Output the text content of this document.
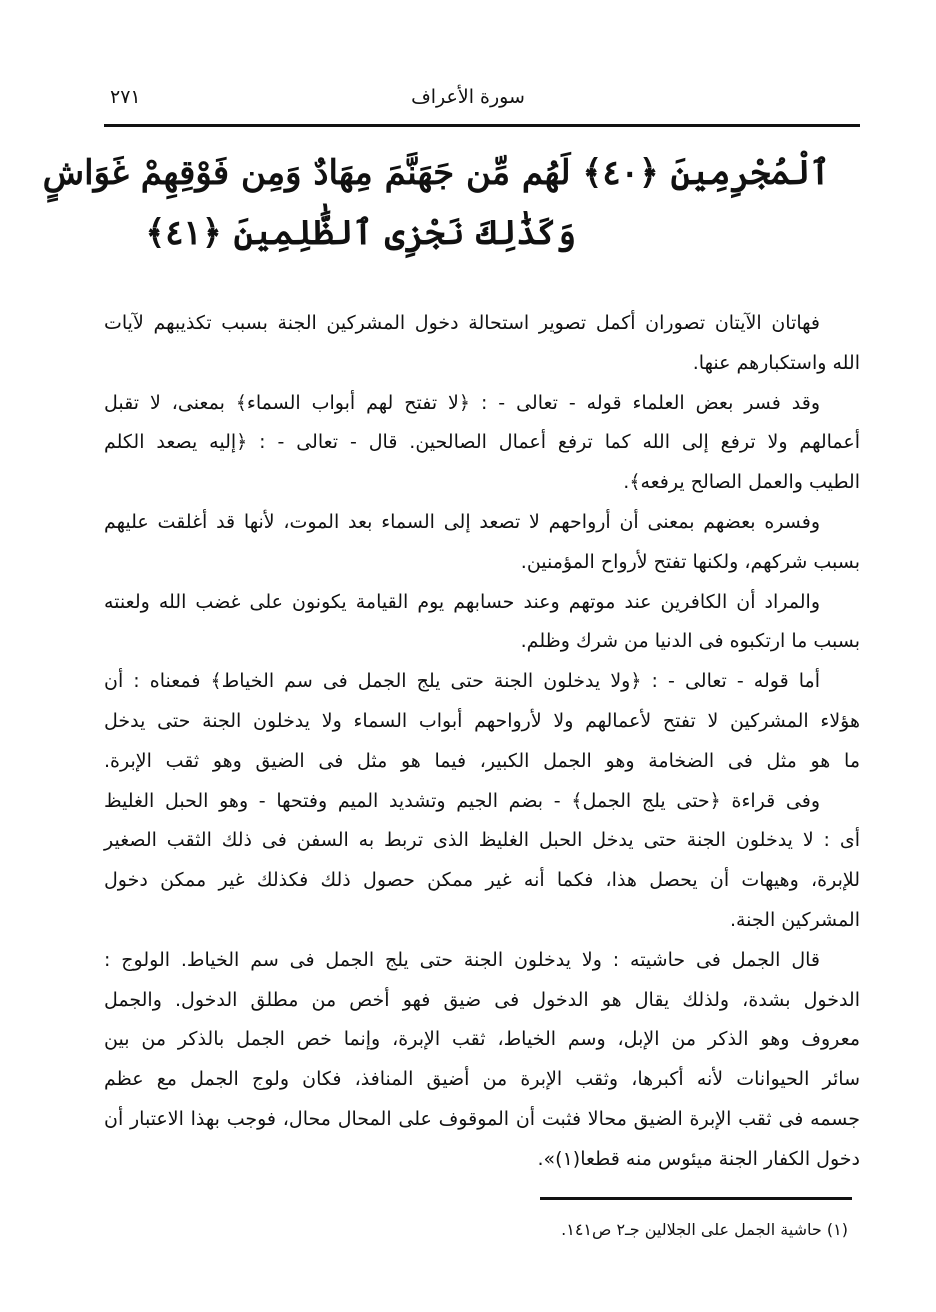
سورة الأعراف
٢٧١
ٱلْمُجْرِمِينَ ﴿٤٠﴾ لَهُم مِّن جَهَنَّمَ مِهَادٌ وَمِن فَوْقِهِمْ غَوَاشٍ
وَكَذَٰلِكَ نَجْزِى ٱلظَّٰلِمِينَ ﴿٤١﴾
فهاتان الآيتان تصوران أكمل تصوير استحالة دخول المشركين الجنة بسبب تكذيبهم لآيات
الله واستكبارهم عنها.
وقد فسر بعض العلماء قوله - تعالى - : ﴿لا تفتح لهم أبواب السماء﴾ بمعنى، لا تقبل
أعمالهم ولا ترفع إلى الله كما ترفع أعمال الصالحين. قال - تعالى - : ﴿إليه يصعد الكلم
الطيب والعمل الصالح يرفعه﴾.
وفسره بعضهم بمعنى أن أرواحهم لا تصعد إلى السماء بعد الموت، لأنها قد أغلقت عليهم
بسبب شركهم، ولكنها تفتح لأرواح المؤمنين.
والمراد أن الكافرين عند موتهم وعند حسابهم يوم القيامة يكونون على غضب الله ولعنته
بسبب ما ارتكبوه فى الدنيا من شرك وظلم.
أما قوله - تعالى - : ﴿ولا يدخلون الجنة حتى يلج الجمل فى سم الخياط﴾ فمعناه : أن
هؤلاء المشركين لا تفتح لأعمالهم ولا لأرواحهم أبواب السماء ولا يدخلون الجنة حتى يدخل
ما هو مثل فى الضخامة وهو الجمل الكبير، فيما هو مثل فى الضيق وهو ثقب الإبرة.
وفى قراءة ﴿حتى يلج الجمل﴾ - بضم الجيم وتشديد الميم وفتحها - وهو الحبل الغليظ
أى : لا يدخلون الجنة حتى يدخل الحبل الغليظ الذى تربط به السفن فى ذلك الثقب الصغير
للإبرة، وهيهات أن يحصل هذا، فكما أنه غير ممكن حصول ذلك فكذلك غير ممكن دخول
المشركين الجنة.
قال الجمل فى حاشيته : ولا يدخلون الجنة حتى يلج الجمل فى سم الخياط. الولوج :
الدخول بشدة، ولذلك يقال هو الدخول فى ضيق فهو أخص من مطلق الدخول. والجمل
معروف وهو الذكر من الإبل، وسم الخياط، ثقب الإبرة، وإنما خص الجمل بالذكر من بين
سائر الحيوانات لأنه أكبرها، وثقب الإبرة من أضيق المنافذ، فكان ولوج الجمل مع عظم
جسمه فى ثقب الإبرة الضيق محالا فثبت أن الموقوف على المحال محال، فوجب بهذا الاعتبار أن
دخول الكفار الجنة ميئوس منه قطعا(١)».
(١) حاشية الجمل على الجلالين جـ٢ ص١٤١.
